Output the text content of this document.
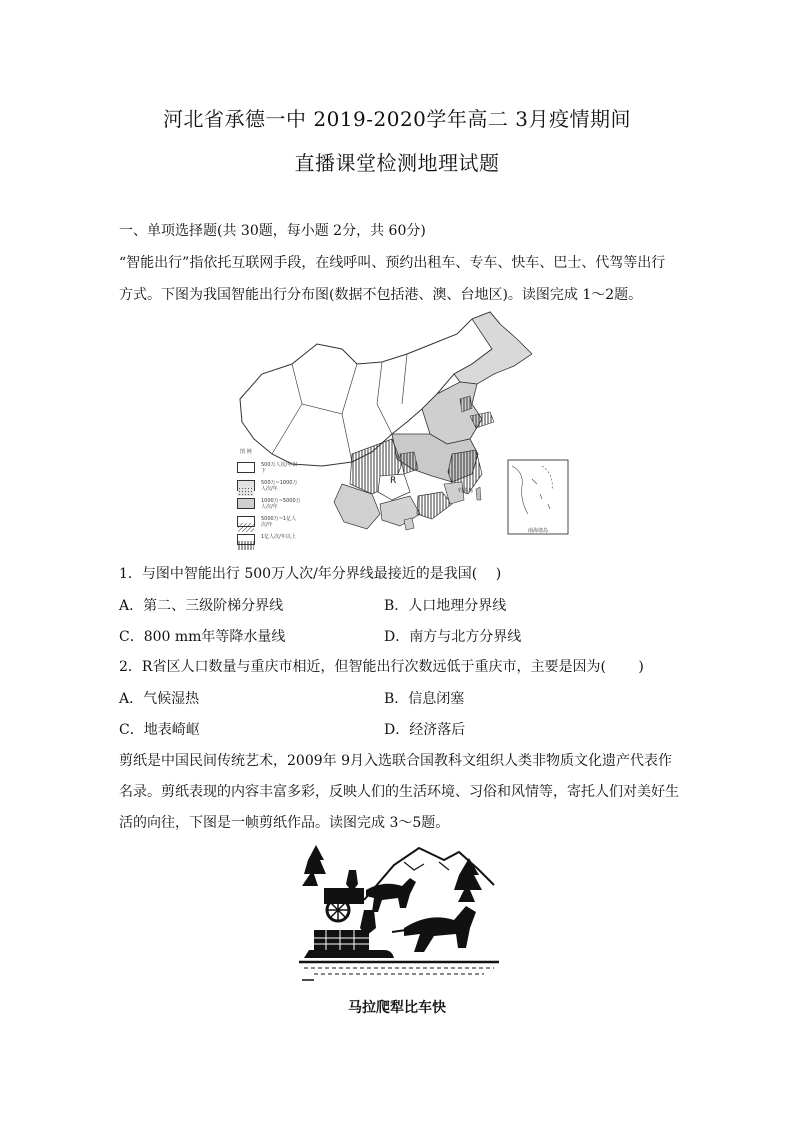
河北省承德一中 2019-2020学年高二 3月疫情期间
直播课堂检测地理试题
一、单项选择题(共 30题，每小题 2分，共 60分)
“智能出行”指依托互联网手段，在线呼叫、预约出租车、专车、快车、巴士、代驾等出行
方式。下图为我国智能出行分布图(数据不包括港、澳、台地区)。读图完成 1～2题。
图 例
500万人次/年以下
500万~1000万人次/年
1000万~5000万人次/年
5000万~1亿人次/年
1亿人次/年以上
R
钓鱼岛
南海诸岛
1．与图中智能出行 500万人次/年分界线最接近的是我国(　 )
A．第二、三级阶梯分界线	B．人口地理分界线
C．800 mm年等降水量线	D．南方与北方分界线
2．R省区人口数量与重庆市相近，但智能出行次数远低于重庆市，主要是因为(　　 )
A．气候湿热	B．信息闭塞
C．地表崎岖	D．经济落后
剪纸是中国民间传统艺术，2009年 9月入选联合国教科文组织人类非物质文化遗产代表作
名录。剪纸表现的内容丰富多彩，反映人们的生活环境、习俗和风情等，寄托人们对美好生
活的向往，下图是一帧剪纸作品。读图完成 3～5题。
马拉爬犁比车快
